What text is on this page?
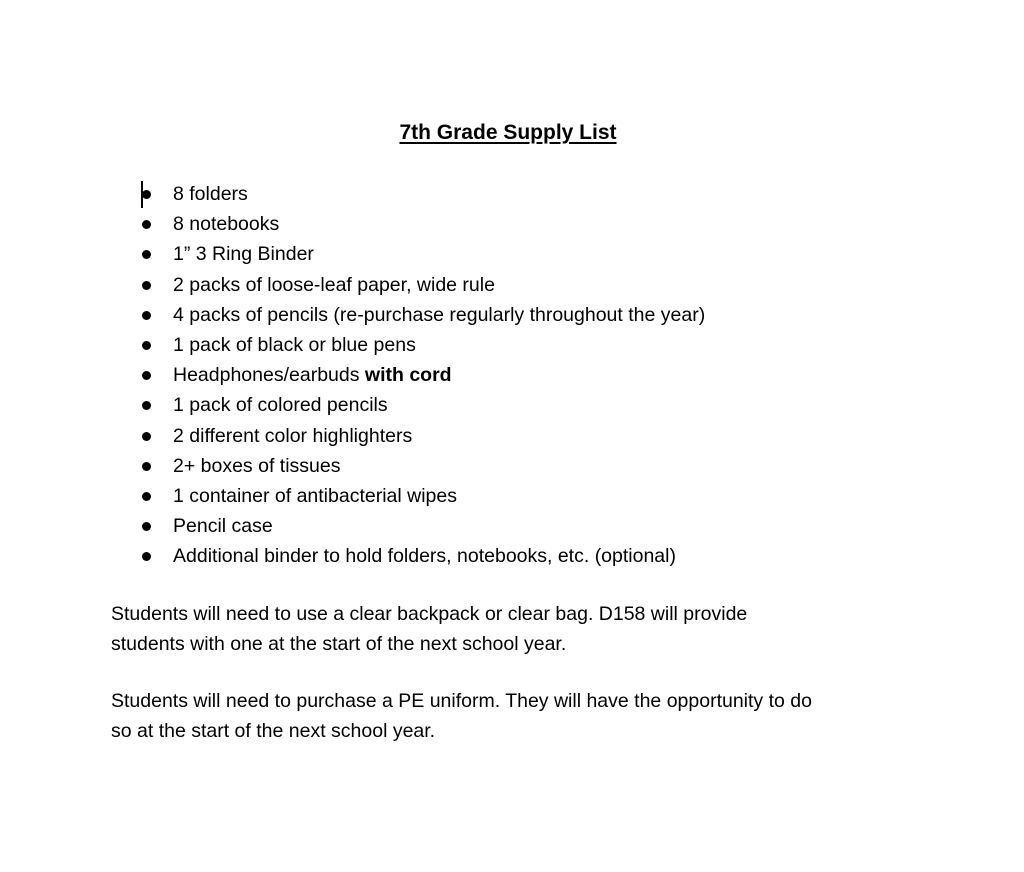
7th Grade Supply List
8 folders
8 notebooks
1” 3 Ring Binder
2 packs of loose-leaf paper, wide rule
4 packs of pencils (re-purchase regularly throughout the year)
1 pack of black or blue pens
Headphones/earbuds with cord
1 pack of colored pencils
2 different color highlighters
2+ boxes of tissues
1 container of antibacterial wipes
Pencil case
Additional binder to hold folders, notebooks, etc. (optional)

Students will need to use a clear backpack or clear bag. D158 will provide
students with one at the start of the next school year.

Students will need to purchase a PE uniform. They will have the opportunity to do
so at the start of the next school year.
